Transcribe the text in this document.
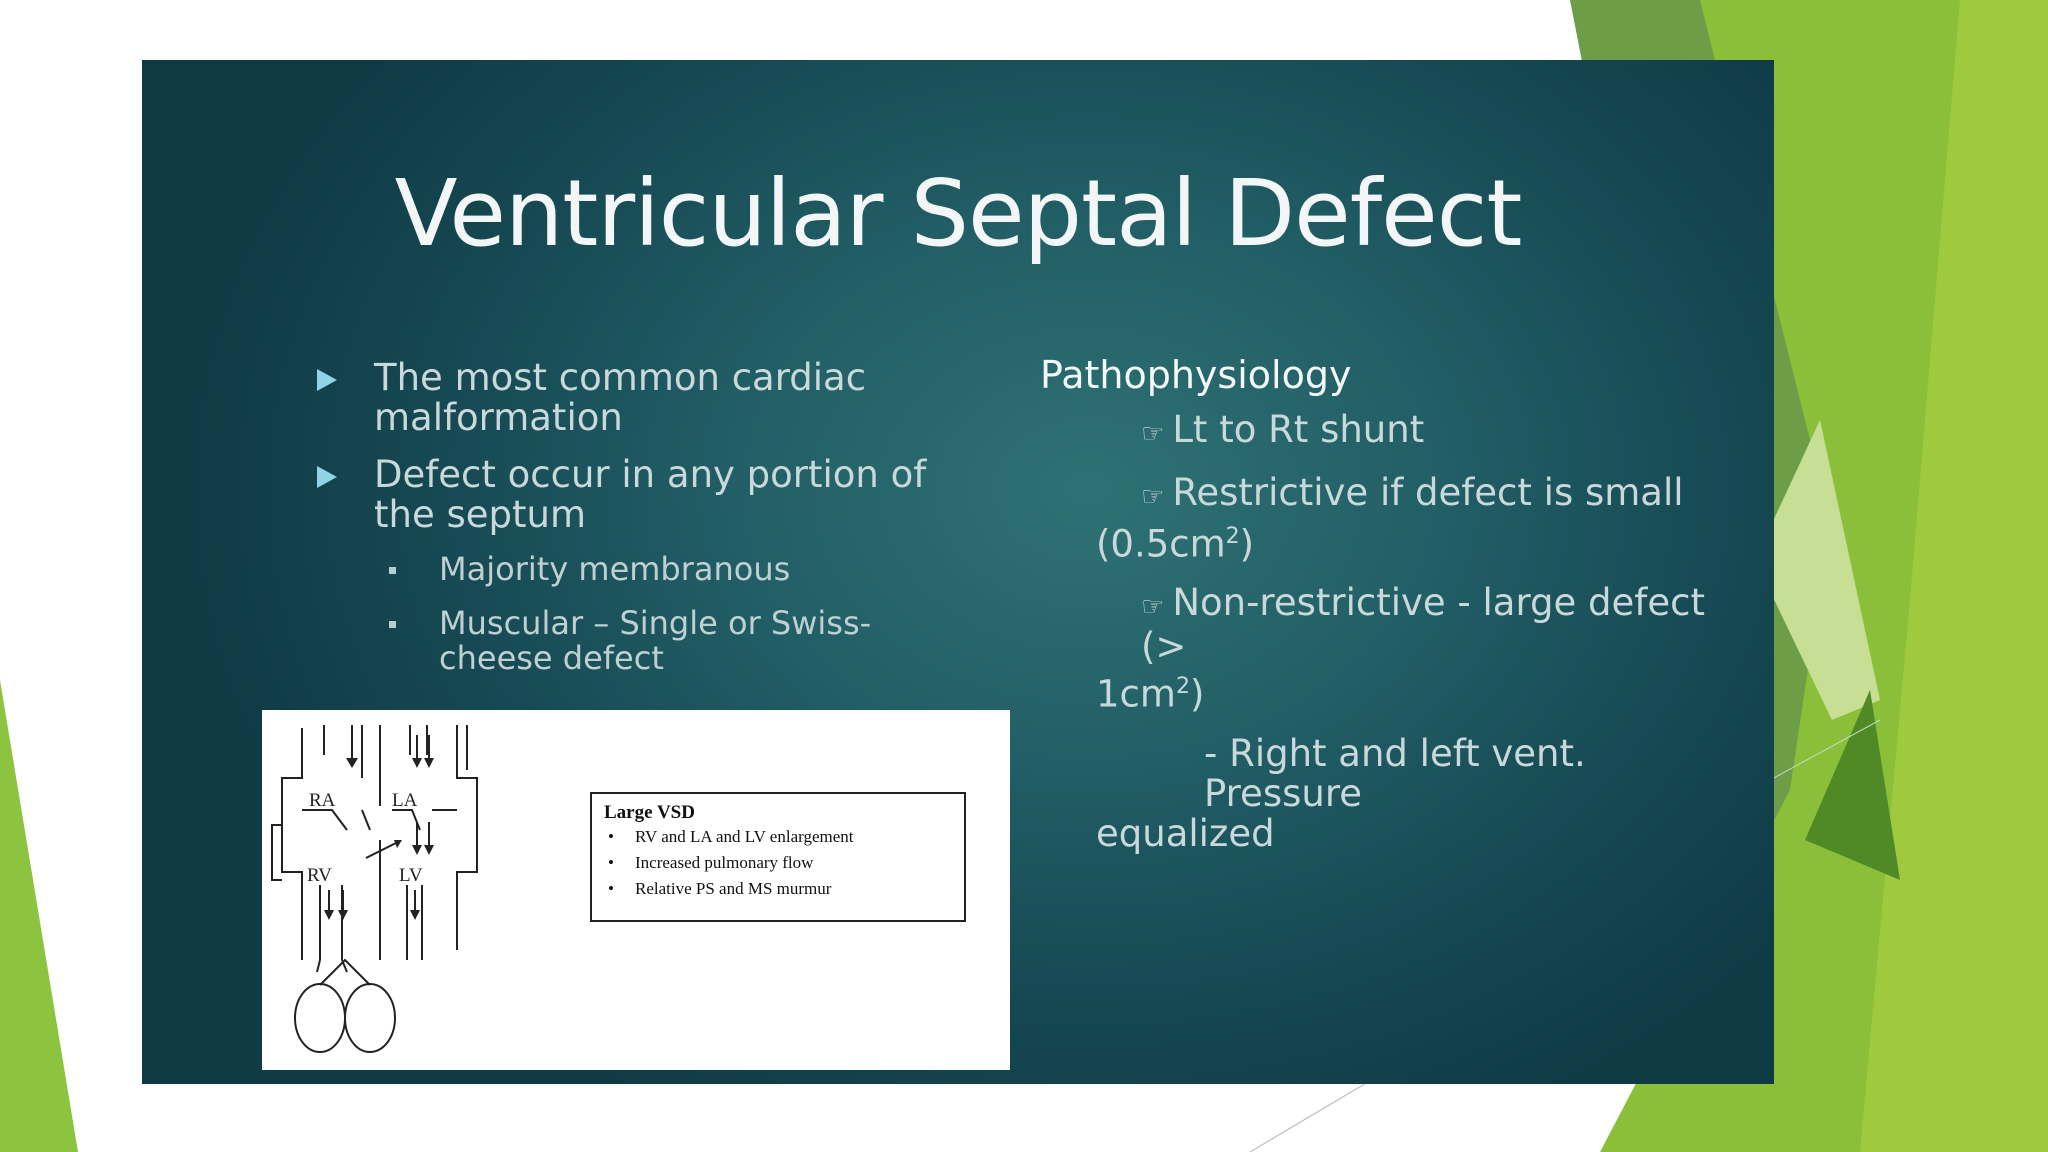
Ventricular Septal Defect
The most common cardiac malformation
Defect occur in any portion of the septum
Majority membranous
Muscular – Single or Swiss-cheese defect
Pathophysiology
☞ Lt to Rt shunt
☞ Restrictive if defect is small
$(0.5cm^2)$
☞ Non-restrictive - large defect (>
$1cm^2$)
- Right and left vent. Pressure
equalized
RA	LA
RV	LV
Large VSD
• RV and LA and LV enlargement
• Increased pulmonary flow
• Relative PS and MS murmur
